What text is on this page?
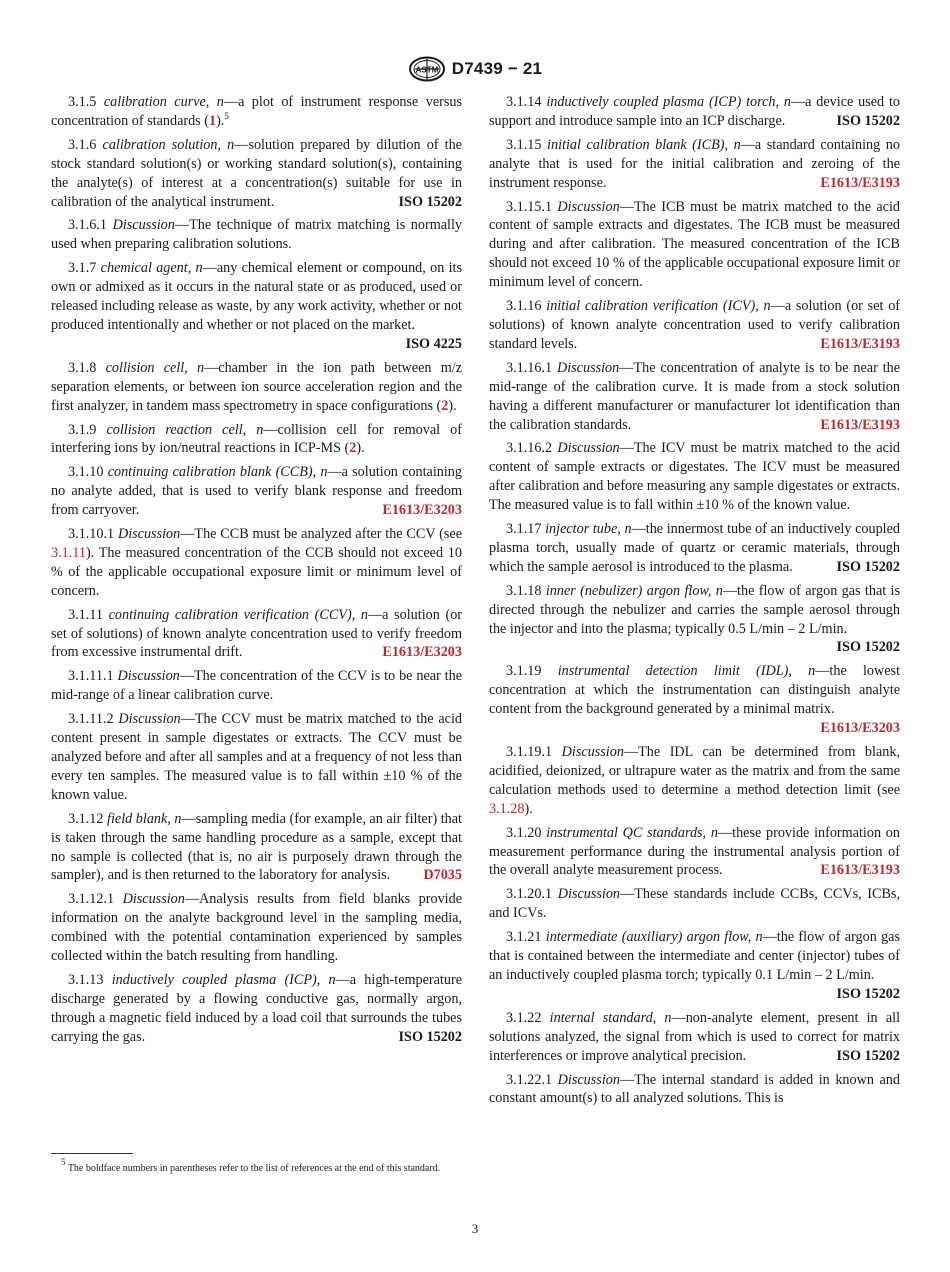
ASTM D7439 − 21

3.1.5 calibration curve, n—a plot of instrument response versus concentration of standards (1).$^5$

3.1.6 calibration solution, n—solution prepared by dilution of the stock standard solution(s) or working standard solution(s), containing the analyte(s) of interest at a concentration(s) suitable for use in calibration of the analytical instrument.	ISO 15202

3.1.6.1 Discussion—The technique of matrix matching is normally used when preparing calibration solutions.

3.1.7 chemical agent, n—any chemical element or compound, on its own or admixed as it occurs in the natural state or as produced, used or released including release as waste, by any work activity, whether or not produced intentionally and whether or not placed on the market.
ISO 4225

3.1.8 collision cell, n—chamber in the ion path between m/z separation elements, or between ion source acceleration region and the first analyzer, in tandem mass spectrometry in space configurations (2).

3.1.9 collision reaction cell, n—collision cell for removal of interfering ions by ion/neutral reactions in ICP-MS (2).

3.1.10 continuing calibration blank (CCB), n—a solution containing no analyte added, that is used to verify blank response and freedom from carryover.	E1613/E3203

3.1.10.1 Discussion—The CCB must be analyzed after the CCV (see 3.1.11). The measured concentration of the CCB should not exceed 10 % of the applicable occupational exposure limit or minimum level of concern.

3.1.11 continuing calibration verification (CCV), n—a solution (or set of solutions) of known analyte concentration used to verify freedom from excessive instrumental drift.	E1613/E3203

3.1.11.1 Discussion—The concentration of the CCV is to be near the mid-range of a linear calibration curve.

3.1.11.2 Discussion—The CCV must be matrix matched to the acid content present in sample digestates or extracts. The CCV must be analyzed before and after all samples and at a frequency of not less than every ten samples. The measured value is to fall within ±10 % of the known value.

3.1.12 field blank, n—sampling media (for example, an air filter) that is taken through the same handling procedure as a sample, except that no sample is collected (that is, no air is purposely drawn through the sampler), and is then returned to the laboratory for analysis.	D7035

3.1.12.1 Discussion—Analysis results from field blanks provide information on the analyte background level in the sampling media, combined with the potential contamination experienced by samples collected within the batch resulting from handling.

3.1.13 inductively coupled plasma (ICP), n—a high-temperature discharge generated by a flowing conductive gas, normally argon, through a magnetic field induced by a load coil that surrounds the tubes carrying the gas.	ISO 15202

3.1.14 inductively coupled plasma (ICP) torch, n—a device used to support and introduce sample into an ICP discharge.	ISO 15202

3.1.15 initial calibration blank (ICB), n—a standard containing no analyte that is used for the initial calibration and zeroing of the instrument response.	E1613/E3193

3.1.15.1 Discussion—The ICB must be matrix matched to the acid content of sample extracts and digestates. The ICB must be measured during and after calibration. The measured concentration of the ICB should not exceed 10 % of the applicable occupational exposure limit or minimum level of concern.

3.1.16 initial calibration verification (ICV), n—a solution (or set of solutions) of known analyte concentration used to verify calibration standard levels.	E1613/E3193

3.1.16.1 Discussion—The concentration of analyte is to be near the mid-range of the calibration curve. It is made from a stock solution having a different manufacturer or manufacturer lot identification than the calibration standards.	E1613/E3193

3.1.16.2 Discussion—The ICV must be matrix matched to the acid content of sample extracts or digestates. The ICV must be measured after calibration and before measuring any sample digestates or extracts. The measured value is to fall within ±10 % of the known value.

3.1.17 injector tube, n—the innermost tube of an inductively coupled plasma torch, usually made of quartz or ceramic materials, through which the sample aerosol is introduced to the plasma.	ISO 15202

3.1.18 inner (nebulizer) argon flow, n—the flow of argon gas that is directed through the nebulizer and carries the sample aerosol through the injector and into the plasma; typically 0.5 L/min – 2 L/min.
ISO 15202

3.1.19 instrumental detection limit (IDL), n—the lowest concentration at which the instrumentation can distinguish analyte content from the background generated by a minimal matrix.
E1613/E3203

3.1.19.1 Discussion—The IDL can be determined from blank, acidified, deionized, or ultrapure water as the matrix and from the same calculation methods used to determine a method detection limit (see 3.1.28).

3.1.20 instrumental QC standards, n—these provide information on measurement performance during the instrumental analysis portion of the overall analyte measurement process.	E1613/E3193

3.1.20.1 Discussion—These standards include CCBs, CCVs, ICBs, and ICVs.

3.1.21 intermediate (auxiliary) argon flow, n—the flow of argon gas that is contained between the intermediate and center (injector) tubes of an inductively coupled plasma torch; typically 0.1 L/min – 2 L/min.
ISO 15202

3.1.22 internal standard, n—non-analyte element, present in all solutions analyzed, the signal from which is used to correct for matrix interferences or improve analytical precision.	ISO 15202

3.1.22.1 Discussion—The internal standard is added in known and constant amount(s) to all analyzed solutions. This is

$^5$ The boldface numbers in parentheses refer to the list of references at the end of this standard.
3
